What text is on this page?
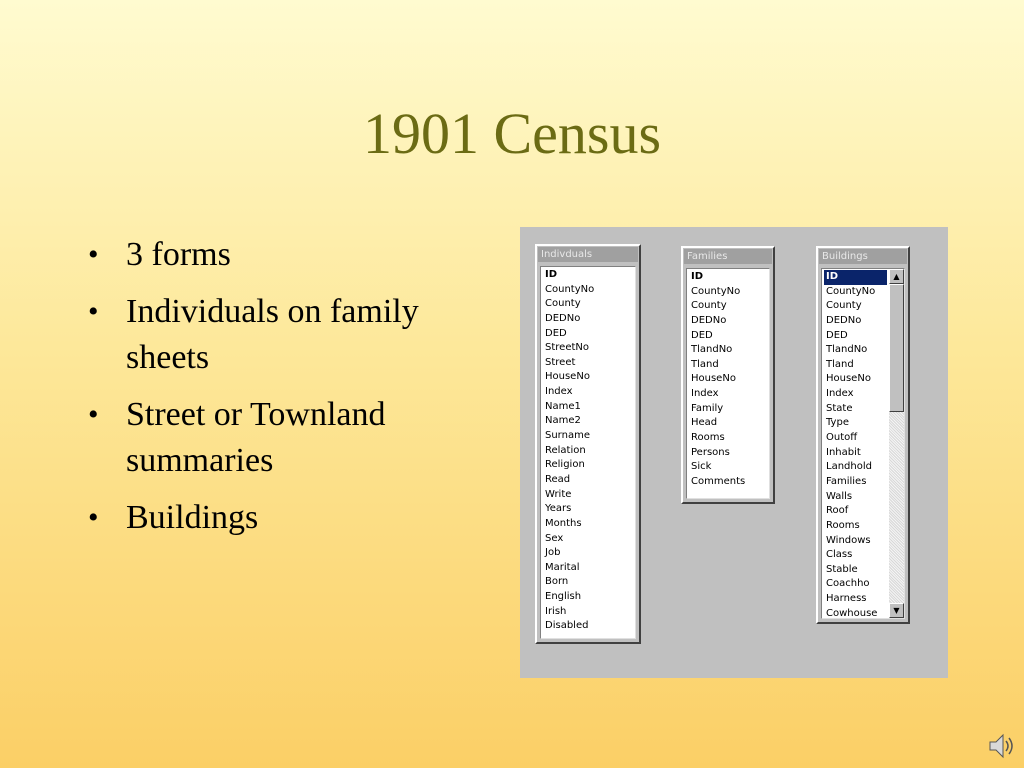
1901 Census
• 3 forms
• Individuals on family sheets
• Street or Townland summaries
• Buildings
Indivduals
ID
CountyNo
County
DEDNo
DED
StreetNo
Street
HouseNo
Index
Name1
Name2
Surname
Relation
Religion
Read
Write
Years
Months
Sex
Job
Marital
Born
English
Irish
Disabled
Families
ID
CountyNo
County
DEDNo
DED
TlandNo
Tland
HouseNo
Index
Family
Head
Rooms
Persons
Sick
Comments
Buildings
ID
CountyNo
County
DEDNo
DED
TlandNo
Tland
HouseNo
Index
State
Type
Outoff
Inhabit
Landhold
Families
Walls
Roof
Rooms
Windows
Class
Stable
Coachho
Harness
Cowhouse
▲
▼
